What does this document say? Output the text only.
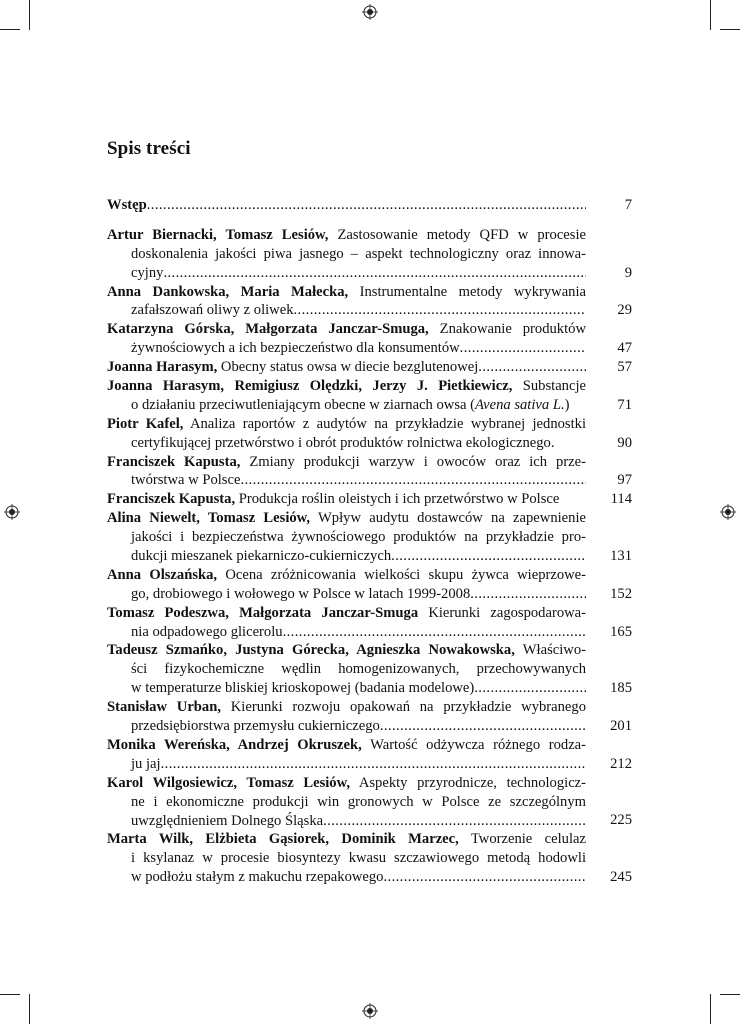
Spis treści
Wstęp .....	7
Artur Biernacki, Tomasz Lesiów, Zastosowanie metody QFD w procesie
doskonalenia jakości piwa jasnego – aspekt technologiczny oraz innowa-
cyjny .....	9
Anna Dankowska, Maria Małecka, Instrumentalne metody wykrywania
zafałszowań oliwy z oliwek .....	29
Katarzyna Górska, Małgorzata Janczar-Smuga, Znakowanie produktów
żywnościowych a ich bezpieczeństwo dla konsumentów .....	47
Joanna Harasym, Obecny status owsa w diecie bezglutenowej .....	57
Joanna Harasym, Remigiusz Olędzki, Jerzy J. Pietkiewicz, Substancje
o działaniu przeciwutleniającym obecne w ziarnach owsa (Avena sativa L.)	71
Piotr Kafel, Analiza raportów z audytów na przykładzie wybranej jednostki
certyfikującej przetwórstwo i obrót produktów rolnictwa ekologicznego.	90
Franciszek Kapusta, Zmiany produkcji warzyw i owoców oraz ich prze-
twórstwa w Polsce .....	97
Franciszek Kapusta, Produkcja roślin oleistych i ich przetwórstwo w Polsce	114
Alina Niewelt, Tomasz Lesiów, Wpływ audytu dostawców na zapewnienie
jakości i bezpieczeństwa żywnościowego produktów na przykładzie pro-
dukcji mieszanek piekarniczo-cukierniczych .....	131
Anna Olszańska, Ocena zróżnicowania wielkości skupu żywca wieprzowe-
go, drobiowego i wołowego w Polsce w latach 1999-2008 .....	152
Tomasz Podeszwa, Małgorzata Janczar-Smuga Kierunki zagospodarowa-
nia odpadowego glicerolu .....	165
Tadeusz Szmańko, Justyna Górecka, Agnieszka Nowakowska, Właściwo-
ści fizykochemiczne wędlin homogenizowanych, przechowywanych
w temperaturze bliskiej krioskopowej (badania modelowe) .....	185
Stanisław Urban, Kierunki rozwoju opakowań na przykładzie wybranego
przedsiębiorstwa przemysłu cukierniczego .....	201
Monika Wereńska, Andrzej Okruszek, Wartość odżywcza różnego rodza-
ju jaj .....	212
Karol Wilgosiewicz, Tomasz Lesiów, Aspekty przyrodnicze, technologicz-
ne i ekonomiczne produkcji win gronowych w Polsce ze szczególnym
uwzględnieniem Dolnego Śląska .....	225
Marta Wilk, Elżbieta Gąsiorek, Dominik Marzec, Tworzenie celulaz
i ksylanaz w procesie biosyntezy kwasu szczawiowego metodą hodowli
w podłożu stałym z makuchu rzepakowego .....	245
